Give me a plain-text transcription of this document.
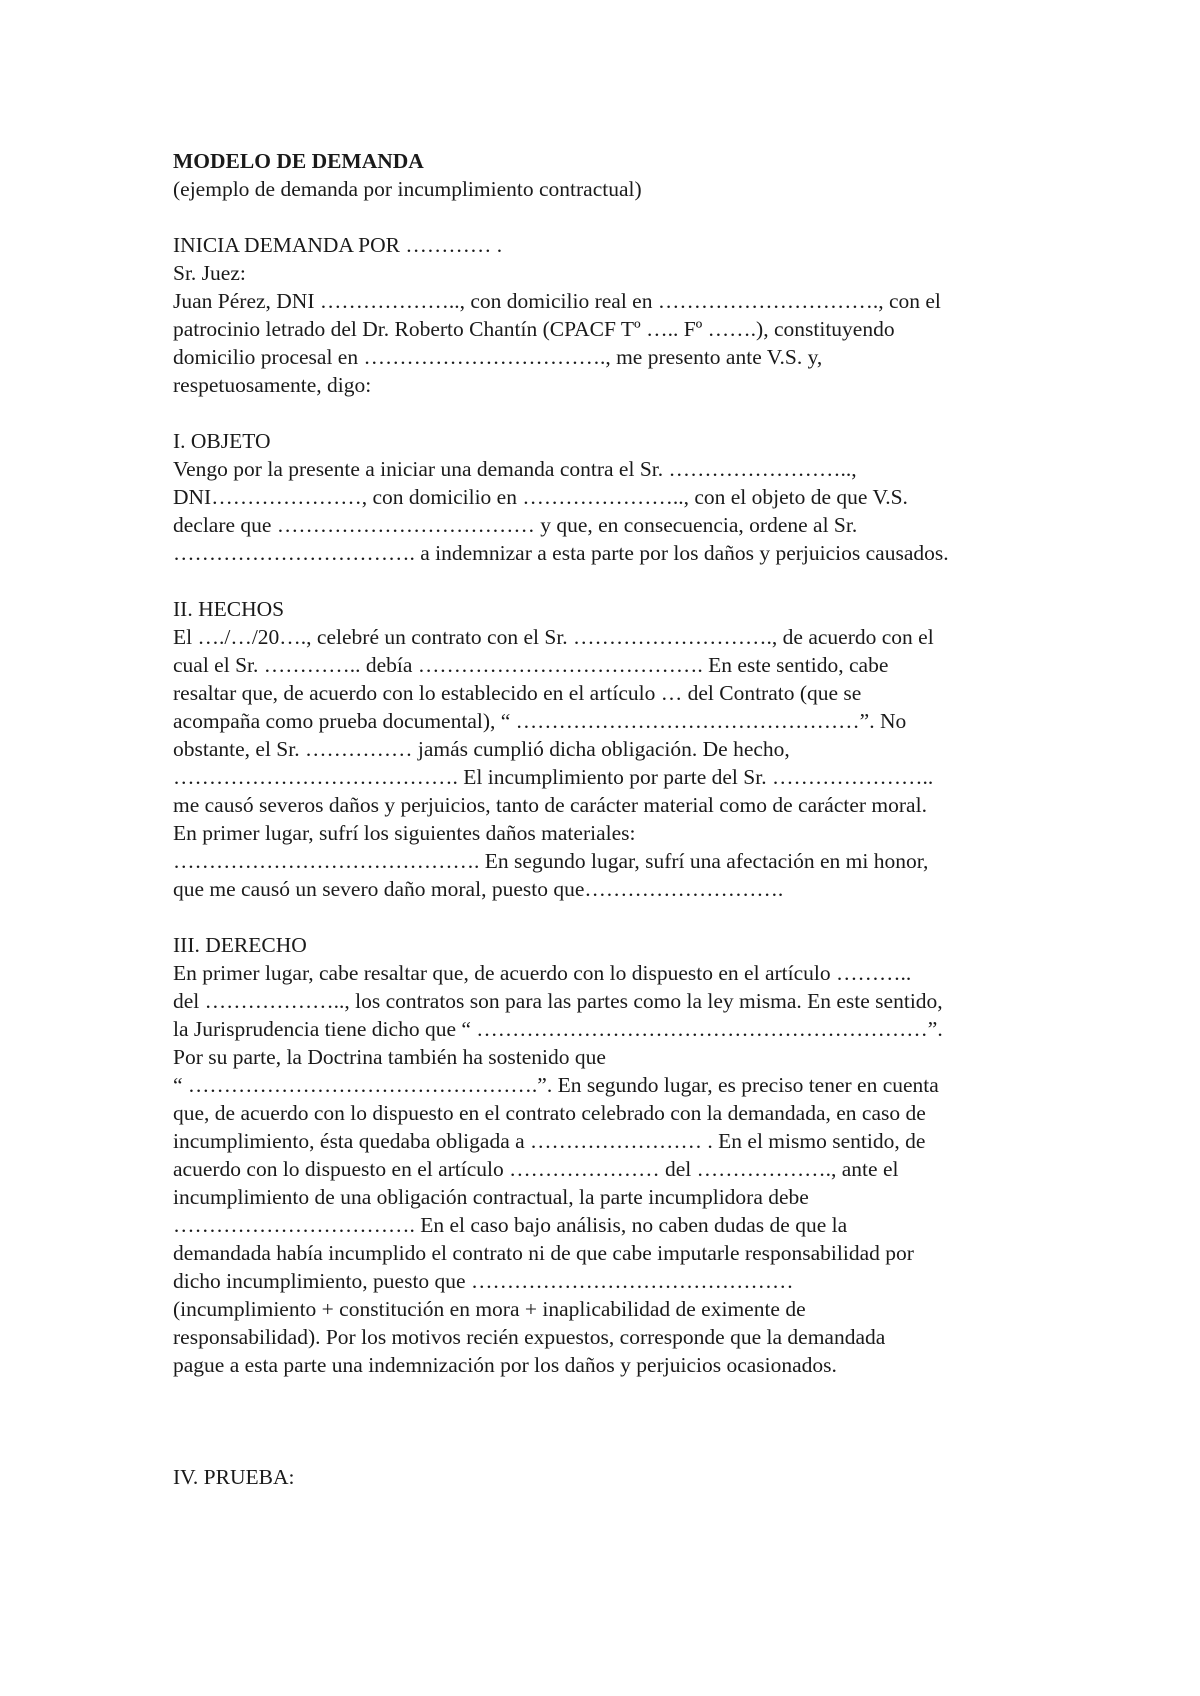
MODELO DE DEMANDA

(ejemplo de demanda por incumplimiento contractual)

INICIA DEMANDA POR ………… .

Sr. Juez:

Juan Pérez, DNI ……………….., con domicilio real en …………………………., con el

patrocinio letrado del Dr. Roberto Chantín (CPACF Tº ….. Fº …….), constituyendo

domicilio procesal en ……………………………., me presento ante V.S. y,

respetuosamente, digo:

I. OBJETO

Vengo por la presente a iniciar una demanda contra el Sr. ……………………..,

DNI…………………, con domicilio en ………………….., con el objeto de que V.S.

declare que ……………………………… y que, en consecuencia, ordene al Sr.

……………………………. a indemnizar a esta parte por los daños y perjuicios causados.

II. HECHOS

El …./…/20…., celebré un contrato con el Sr. ………………………., de acuerdo con el

cual el Sr. ………….. debía …………………………………. En este sentido, cabe

resaltar que, de acuerdo con lo establecido en el artículo … del Contrato (que se

acompaña como prueba documental), “ …………………………………………”. No

obstante, el Sr. …………… jamás cumplió dicha obligación. De hecho,

…………………………………. El incumplimiento por parte del Sr. …………………..

me causó severos daños y perjuicios, tanto de carácter material como de carácter moral.

En primer lugar, sufrí los siguientes daños materiales:

……………………………………. En segundo lugar, sufrí una afectación en mi honor,

que me causó un severo daño moral, puesto que……………………….

III. DERECHO

En primer lugar, cabe resaltar que, de acuerdo con lo dispuesto en el artículo ………..

del ……………….., los contratos son para las partes como la ley misma. En este sentido,

la Jurisprudencia tiene dicho que “ ………………………………………………………”.

Por su parte, la Doctrina también ha sostenido que

“ ………………………………………….”. En segundo lugar, es preciso tener en cuenta

que, de acuerdo con lo dispuesto en el contrato celebrado con la demandada, en caso de

incumplimiento, ésta quedaba obligada a …………………… . En el mismo sentido, de

acuerdo con lo dispuesto en el artículo ………………… del ………………., ante el

incumplimiento de una obligación contractual, la parte incumplidora debe

……………………………. En el caso bajo análisis, no caben dudas de que la

demandada había incumplido el contrato ni de que cabe imputarle responsabilidad por

dicho incumplimiento, puesto que ………………………………………

(incumplimiento + constitución en mora + inaplicabilidad de eximente de

responsabilidad). Por los motivos recién expuestos, corresponde que la demandada

pague a esta parte una indemnización por los daños y perjuicios ocasionados.

IV. PRUEBA:
